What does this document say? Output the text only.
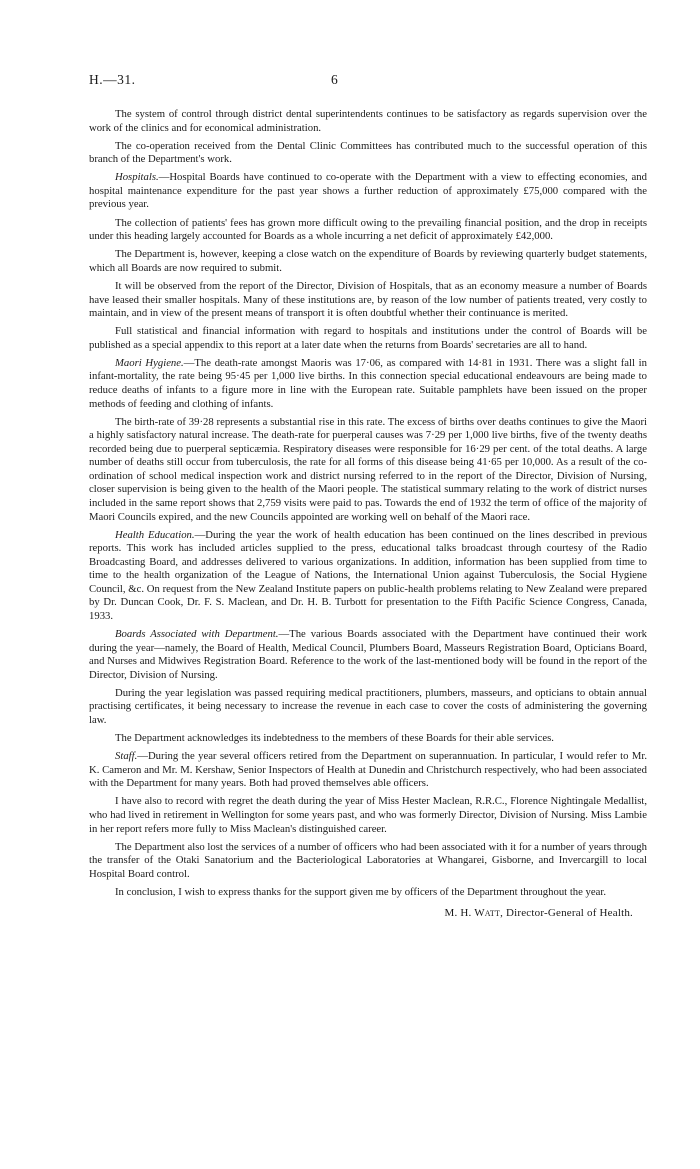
H.—31.	6

The system of control through district dental superintendents continues to be satisfactory as regards supervision over the work of the clinics and for economical administration.

The co-operation received from the Dental Clinic Committees has contributed much to the successful operation of this branch of the Department's work.

Hospitals.—Hospital Boards have continued to co-operate with the Department with a view to effecting economies, and hospital maintenance expenditure for the past year shows a further reduction of approximately £75,000 compared with the previous year.

The collection of patients' fees has grown more difficult owing to the prevailing financial position, and the drop in receipts under this heading largely accounted for Boards as a whole incurring a net deficit of approximately £42,000.

The Department is, however, keeping a close watch on the expenditure of Boards by reviewing quarterly budget statements, which all Boards are now required to submit.

It will be observed from the report of the Director, Division of Hospitals, that as an economy measure a number of Boards have leased their smaller hospitals. Many of these institutions are, by reason of the low number of patients treated, very costly to maintain, and in view of the present means of transport it is often doubtful whether their continuance is merited.

Full statistical and financial information with regard to hospitals and institutions under the control of Boards will be published as a special appendix to this report at a later date when the returns from Boards' secretaries are all to hand.

Maori Hygiene.—The death-rate amongst Maoris was 17·06, as compared with 14·81 in 1931. There was a slight fall in infant-mortality, the rate being 95·45 per 1,000 live births. In this connection special educational endeavours are being made to reduce deaths of infants to a figure more in line with the European rate. Suitable pamphlets have been issued on the proper methods of feeding and clothing of infants.

The birth-rate of 39·28 represents a substantial rise in this rate. The excess of births over deaths continues to give the Maori a highly satisfactory natural increase. The death-rate for puerperal causes was 7·29 per 1,000 live births, five of the twenty deaths recorded being due to puerperal septicæmia. Respiratory diseases were responsible for 16·29 per cent. of the total deaths. A large number of deaths still occur from tuberculosis, the rate for all forms of this disease being 41·65 per 10,000. As a result of the co-ordination of school medical inspection work and district nursing referred to in the report of the Director, Division of Nursing, closer supervision is being given to the health of the Maori people. The statistical summary relating to the work of district nurses included in the same report shows that 2,759 visits were paid to pas. Towards the end of 1932 the term of office of the majority of Maori Councils expired, and the new Councils appointed are working well on behalf of the Maori race.

Health Education.—During the year the work of health education has been continued on the lines described in previous reports. This work has included articles supplied to the press, educational talks broadcast through courtesy of the Radio Broadcasting Board, and addresses delivered to various organizations. In addition, information has been supplied from time to time to the health organization of the League of Nations, the International Union against Tuberculosis, the Social Hygiene Council, &c. On request from the New Zealand Institute papers on public-health problems relating to New Zealand were prepared by Dr. Duncan Cook, Dr. F. S. Maclean, and Dr. H. B. Turbott for presentation to the Fifth Pacific Science Congress, Canada, 1933.

Boards Associated with Department.—The various Boards associated with the Department have continued their work during the year—namely, the Board of Health, Medical Council, Plumbers Board, Masseurs Registration Board, Opticians Board, and Nurses and Midwives Registration Board. Reference to the work of the last-mentioned body will be found in the report of the Director, Division of Nursing.

During the year legislation was passed requiring medical practitioners, plumbers, masseurs, and opticians to obtain annual practising certificates, it being necessary to increase the revenue in each case to cover the costs of administering the governing law.

The Department acknowledges its indebtedness to the members of these Boards for their able services.

Staff.—During the year several officers retired from the Department on superannuation. In particular, I would refer to Mr. K. Cameron and Mr. M. Kershaw, Senior Inspectors of Health at Dunedin and Christchurch respectively, who had been associated with the Department for many years. Both had proved themselves able officers.

I have also to record with regret the death during the year of Miss Hester Maclean, R.R.C., Florence Nightingale Medallist, who had lived in retirement in Wellington for some years past, and who was formerly Director, Division of Nursing. Miss Lambie in her report refers more fully to Miss Maclean's distinguished career.

The Department also lost the services of a number of officers who had been associated with it for a number of years through the transfer of the Otaki Sanatorium and the Bacteriological Laboratories at Whangarei, Gisborne, and Invercargill to local Hospital Board control.

In conclusion, I wish to express thanks for the support given me by officers of the Department throughout the year.

M. H. Watt, Director-General of Health.
